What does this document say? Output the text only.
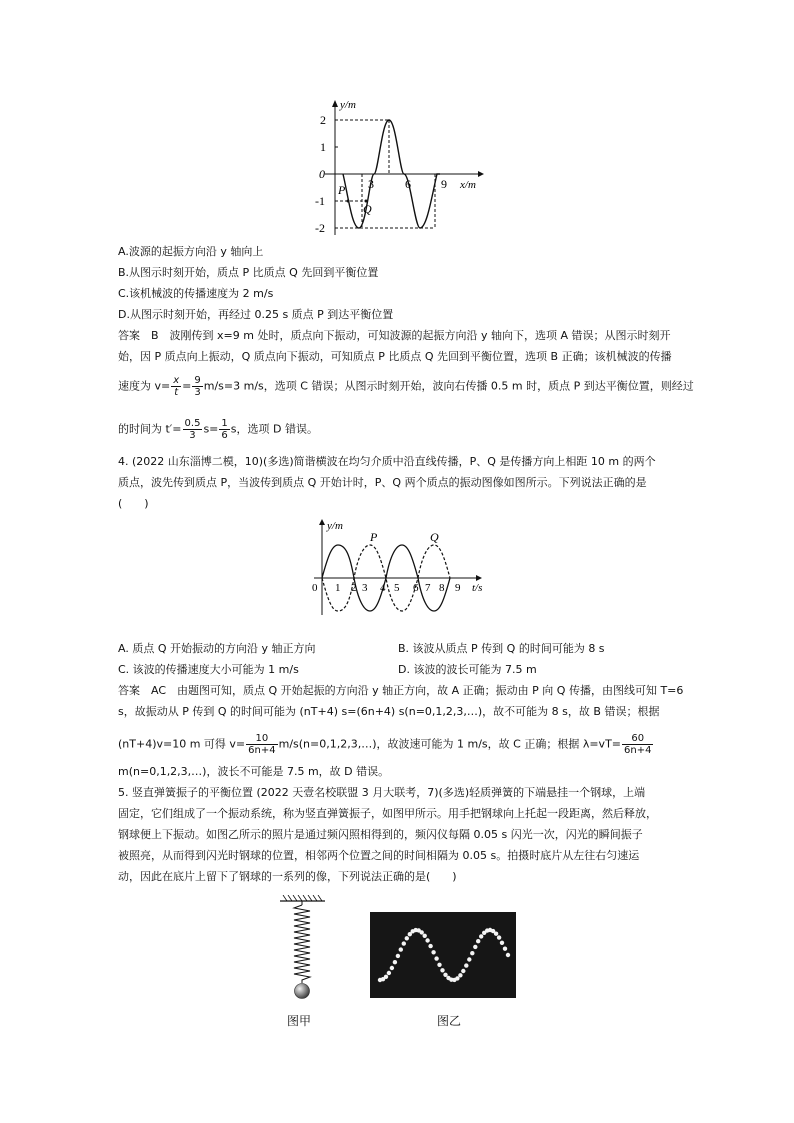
y/m
x/m
2
1
0
-1
-2
3	6	9
P
Q
A.波源的起振方向沿 y 轴向上
B.从图示时刻开始，质点 P 比质点 Q 先回到平衡位置
C.该机械波的传播速度为 2 m/s
D.从图示时刻开始，再经过 0.25 s 质点 P 到达平衡位置
答案　B　波刚传到 x=9 m 处时，质点向下振动，可知波源的起振方向沿 y 轴向下，选项 A 错误；从图示时刻开
始，因 P 质点向上振动，Q 质点向下振动，可知质点 P 比质点 Q 先回到平衡位置，选项 B 正确；该机械波的传播
速度为 $v= \frac{x}{t} = \frac{9}{3} m/s=3$ m/s，选项 C 错误；从图示时刻开始，波向右传播 0.5 m 时，质点 P 到达平衡位置，则经过
的时间为 $t'= \frac{0.5}{3} s= \frac{1}{6}$ s，选项 D 错误。
4. (2022 山东淄博二模，10)(多选)简谐横波在均匀介质中沿直线传播，P、Q 是传播方向上相距 10 m 的两个
质点，波先传到质点 P，当波传到质点 Q 开始计时，P、Q 两个质点的振动图像如图所示。下列说法正确的是
(　　)
y/m
t/s
P	Q
0 1 2 3 4 5 6 7 8 9
A. 质点 Q 开始振动的方向沿 y 轴正方向	B. 该波从质点 P 传到 Q 的时间可能为 8 s
C. 该波的传播速度大小可能为 1 m/s	D. 该波的波长可能为 7.5 m
答案　AC　由题图可知，质点 Q 开始起振的方向沿 y 轴正方向，故 A 正确；振动由 P 向 Q 传播，由图线可知 T=6
s，故振动从 P 传到 Q 的时间可能为 (nT+4) s=(6n+4) s(n=0,1,2,3,…)，故不可能为 8 s，故 B 错误；根据
(nT+4)v=10 m 可得 $v= \frac{10}{6n+4}$ m/s(n=0,1,2,3,…)，故波速可能为 1 m/s，故 C 正确；根据 $\lambda=vT= \frac{60}{6n+4}$
m(n=0,1,2,3,…)，波长不可能是 7.5 m，故 D 错误。
5. 竖直弹簧振子的平衡位置 (2022 天壹名校联盟 3 月大联考，7)(多选)轻质弹簧的下端悬挂一个钢球，上端
固定，它们组成了一个振动系统，称为竖直弹簧振子，如图甲所示。用手把钢球向上托起一段距离，然后释放，
钢球便上下振动。如图乙所示的照片是通过频闪照相得到的，频闪仪每隔 0.05 s 闪光一次，闪光的瞬间振子
被照亮，从而得到闪光时钢球的位置，相邻两个位置之间的时间相隔为 0.05 s。拍摄时底片从左往右匀速运
动，因此在底片上留下了钢球的一系列的像，下列说法正确的是(　　)
图甲	图乙
